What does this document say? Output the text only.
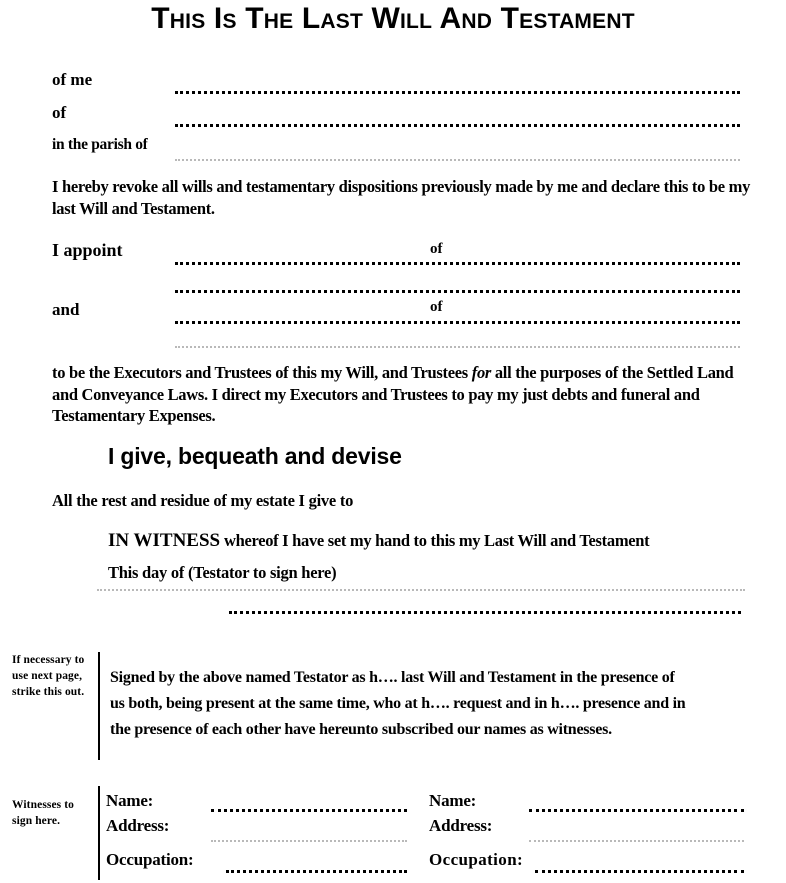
This Is The Last Will And Testament
of me
of
in the parish of
I hereby revoke all wills and testamentary dispositions previously made by me and declare this to be my last Will and Testament.
I appoint	of
and	of
to be the Executors and Trustees of this my Will, and Trustees for all the purposes of the Settled Land and Conveyance Laws. I direct my Executors and Trustees to pay my just debts and funeral and Testamentary Expenses.
I give, bequeath and devise
All the rest and residue of my estate I give to
IN WITNESS whereof I have set my hand to this my Last Will and Testament
This day of (Testator to sign here)
If necessary to use next page, strike this out.
Signed by the above named Testator as h…. last Will and Testament in the presence of
us both, being present at the same time, who at h…. request and in h…. presence and in
the presence of each other have hereunto subscribed our names as witnesses.
Witnesses to sign here.
Name:
Address:
Occupation:
Name:
Address:
Occupation:
